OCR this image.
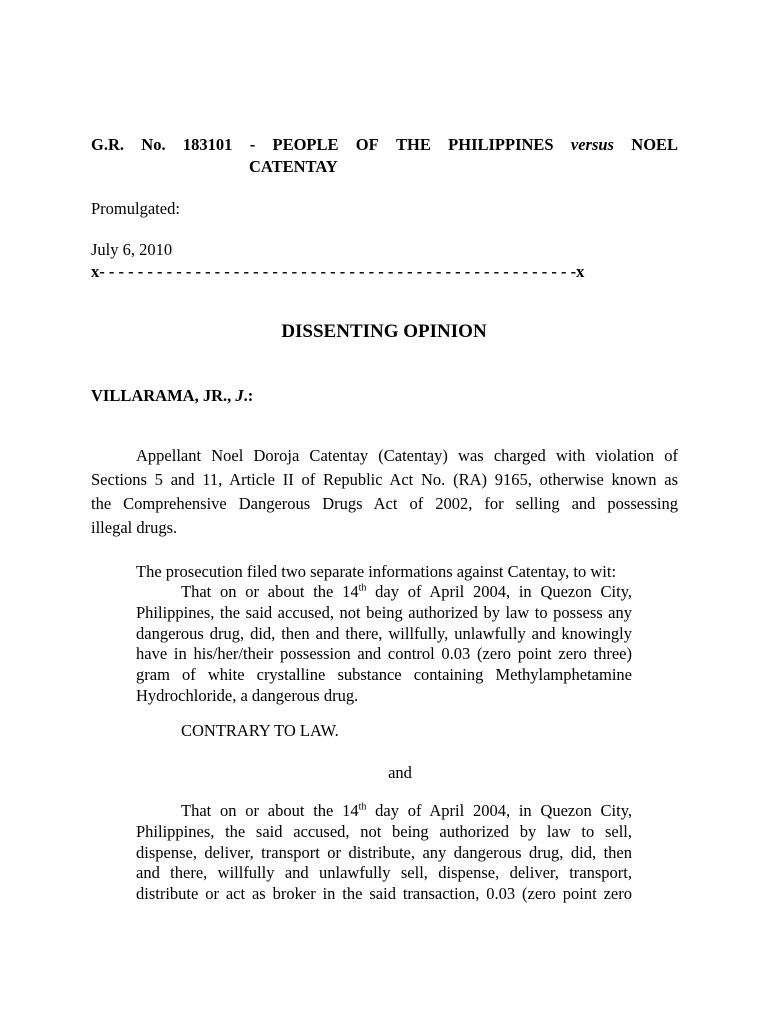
G.R. No. 183101 - PEOPLE OF THE PHILIPPINES versus NOEL
CATENTAY
Promulgated:
July 6, 2010
x- - - - - - - - - - - - - - - - - - - - - - - - - - - - - - - - - - - - - - - - - - - - - - - - - -x
DISSENTING OPINION
VILLARAMA, JR., J.:
Appellant Noel Doroja Catentay (Catentay) was charged with violation of
Sections 5 and 11, Article II of Republic Act No. (RA) 9165, otherwise known as
the Comprehensive Dangerous Drugs Act of 2002, for selling and possessing
illegal drugs.
The prosecution filed two separate informations against Catentay, to wit:
That on or about the 14th day of April 2004, in Quezon City,
Philippines, the said accused, not being authorized by law to possess any
dangerous drug, did, then and there, willfully, unlawfully and knowingly
have in his/her/their possession and control 0.03 (zero point zero three)
gram of white crystalline substance containing Methylamphetamine
Hydrochloride, a dangerous drug.
CONTRARY TO LAW.
and
That on or about the 14th day of April 2004, in Quezon City,
Philippines, the said accused, not being authorized by law to sell,
dispense, deliver, transport or distribute, any dangerous drug, did, then
and there, willfully and unlawfully sell, dispense, deliver, transport,
distribute or act as broker in the said transaction, 0.03 (zero point zero
